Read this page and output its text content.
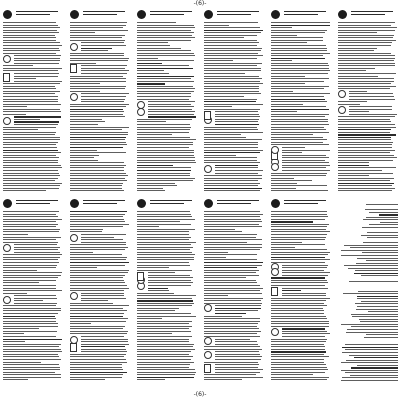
-(6)-
-(6)-
